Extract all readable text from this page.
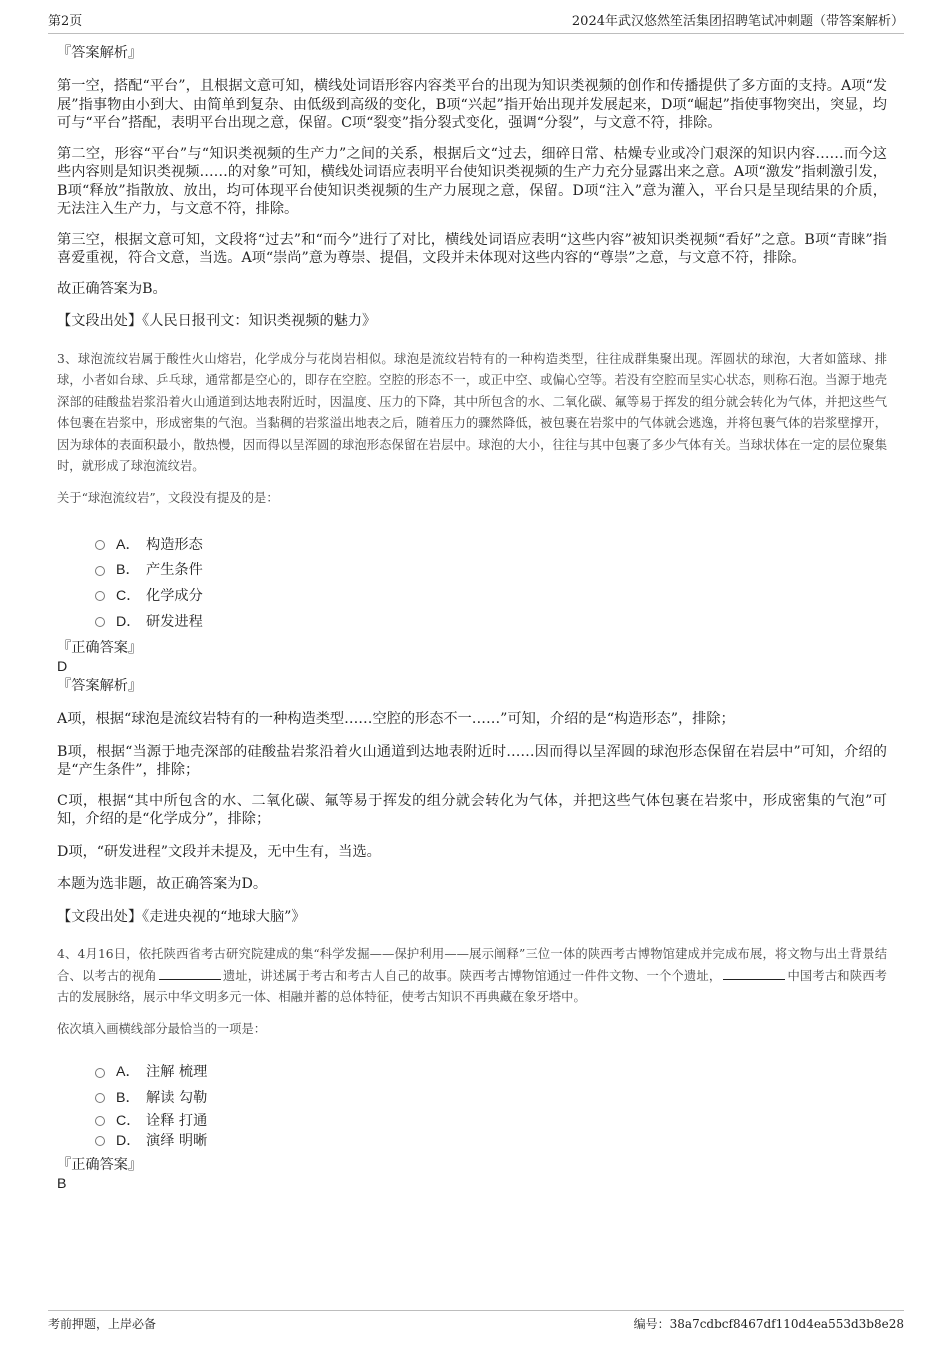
第2页	2024年武汉悠然笙活集团招聘笔试冲刺题（带答案解析）

『答案解析』

第一空，搭配“平台”，且根据文意可知，横线处词语形容内容类平台的出现为知识类视频的创作和传播提供了多方面的支持。A项“发展”指事物由小到大、由简单到复杂、由低级到高级的变化，B项“兴起”指开始出现并发展起来，D项“崛起”指使事物突出，突显，均可与“平台”搭配，表明平台出现之意，保留。C项“裂变”指分裂式变化，强调“分裂”，与文意不符，排除。

第二空，形容“平台”与“知识类视频的生产力”之间的关系，根据后文“过去，细碎日常、枯燥专业或冷门艰深的知识内容……而今这些内容则是知识类视频……的对象”可知，横线处词语应表明平台使知识类视频的生产力充分显露出来之意。A项“激发”指刺激引发，B项“释放”指散放、放出，均可体现平台使知识类视频的生产力展现之意，保留。D项“注入”意为灌入，平台只是呈现结果的介质，无法注入生产力，与文意不符，排除。

第三空，根据文意可知，文段将“过去”和“而今”进行了对比，横线处词语应表明“这些内容”被知识类视频“看好”之意。B项“青睐”指喜爱重视，符合文意，当选。A项“崇尚”意为尊崇、提倡，文段并未体现对这些内容的“尊崇”之意，与文意不符，排除。

故正确答案为B。

【文段出处】《人民日报刊文：知识类视频的魅力》

3、球泡流纹岩属于酸性火山熔岩，化学成分与花岗岩相似。球泡是流纹岩特有的一种构造类型，往往成群集聚出现。浑圆状的球泡，大者如篮球、排球，小者如台球、乒乓球，通常都是空心的，即存在空腔。空腔的形态不一，或正中空、或偏心空等。若没有空腔而呈实心状态，则称石泡。当源于地壳深部的硅酸盐岩浆沿着火山通道到达地表附近时，因温度、压力的下降，其中所包含的水、二氧化碳、氟等易于挥发的组分就会转化为气体，并把这些气体包裹在岩浆中，形成密集的气泡。当黏稠的岩浆溢出地表之后，随着压力的骤然降低，被包裹在岩浆中的气体就会逃逸，并将包裹气体的岩浆壁撑开，因为球体的表面积最小，散热慢，因而得以呈浑圆的球泡形态保留在岩层中。球泡的大小，往往与其中包裹了多少气体有关。当球状体在一定的层位聚集时，就形成了球泡流纹岩。

关于“球泡流纹岩”，文段没有提及的是：

A． 构造形态
B． 产生条件
C． 化学成分
D． 研发进程

『正确答案』

D

『答案解析』

A项，根据“球泡是流纹岩特有的一种构造类型……空腔的形态不一……”可知，介绍的是“构造形态”，排除；

B项，根据“当源于地壳深部的硅酸盐岩浆沿着火山通道到达地表附近时……因而得以呈浑圆的球泡形态保留在岩层中”可知，介绍的是“产生条件”，排除；

C项，根据“其中所包含的水、二氧化碳、氟等易于挥发的组分就会转化为气体，并把这些气体包裹在岩浆中，形成密集的气泡”可知，介绍的是“化学成分”，排除；

D项，“研发进程”文段并未提及，无中生有，当选。

本题为选非题，故正确答案为D。

【文段出处】《走进央视的“地球大脑”》

4、4月16日，依托陕西省考古研究院建成的集“科学发掘——保护利用——展示阐释”三位一体的陕西考古博物馆建成并完成布展，将文物与出土背景结合、以考古的视角	遗址，讲述属于考古和考古人自己的故事。陕西考古博物馆通过一件件文物、一个个遗址，	中国考古和陕西考古的发展脉络，展示中华文明多元一体、相融并蓄的总体特征，使考古知识不再典藏在象牙塔中。

依次填入画横线部分最恰当的一项是：

A． 注解 梳理
B． 解读 勾勒
C． 诠释 打通
D． 演绎 明晰

『正确答案』

B

考前押题，上岸必备	编号：38a7cdbcf8467df110d4ea553d3b8e28
